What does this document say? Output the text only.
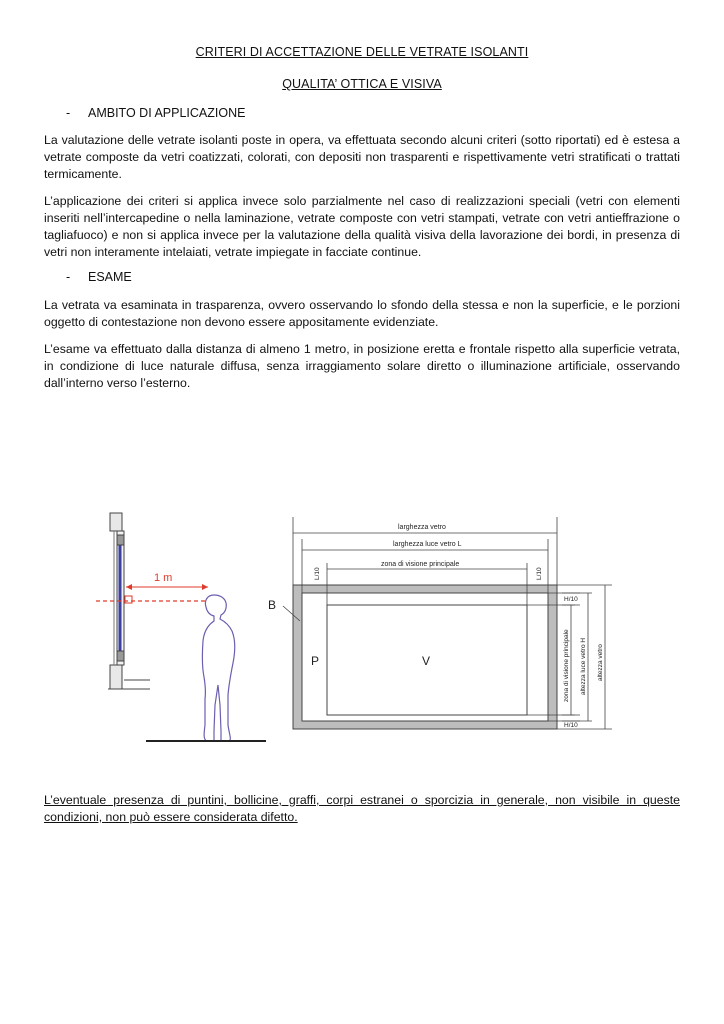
CRITERI DI ACCETTAZIONE DELLE VETRATE ISOLANTI
QUALITA’ OTTICA E VISIVA
- AMBITO DI APPLICAZIONE

La valutazione delle vetrate isolanti poste in opera, va effettuata secondo alcuni criteri (sotto riportati) ed è estesa a vetrate composte da vetri coatizzati, colorati, con depositi non trasparenti e rispettivamente vetri stratificati o trattati termicamente.

L’applicazione dei criteri si applica invece solo parzialmente nel caso di realizzazioni speciali (vetri con elementi inseriti nell’intercapedine o nella laminazione, vetrate composte con vetri stampati, vetrate con vetri antieffrazione o tagliafuoco) e non si applica invece per la valutazione della qualità visiva della lavorazione dei bordi, in presenza di vetri non interamente intelaiati, vetrate impiegate in facciate continue.

- ESAME

La vetrata va esaminata in trasparenza, ovvero osservando lo sfondo della stessa e non la superficie, e le porzioni oggetto di contestazione non devono essere appositamente evidenziate.

L’esame va effettuato dalla distanza di almeno 1 metro, in posizione eretta e frontale rispetto alla superficie vetrata, in condizione di luce naturale diffusa, senza irraggiamento solare diretto o illuminazione artificiale, osservando dall’interno verso l’esterno.

1 m
larghezza vetro
larghezza luce vetro L
zona di visione principale
L/10	L/10
B
P	V
H/10
H/10
zona di visione principale altezza luce vetro H altezza vetro

L’eventuale presenza di puntini, bollicine, graffi, corpi estranei o sporcizia in generale, non visibile in queste condizioni, non può essere considerata difetto.
